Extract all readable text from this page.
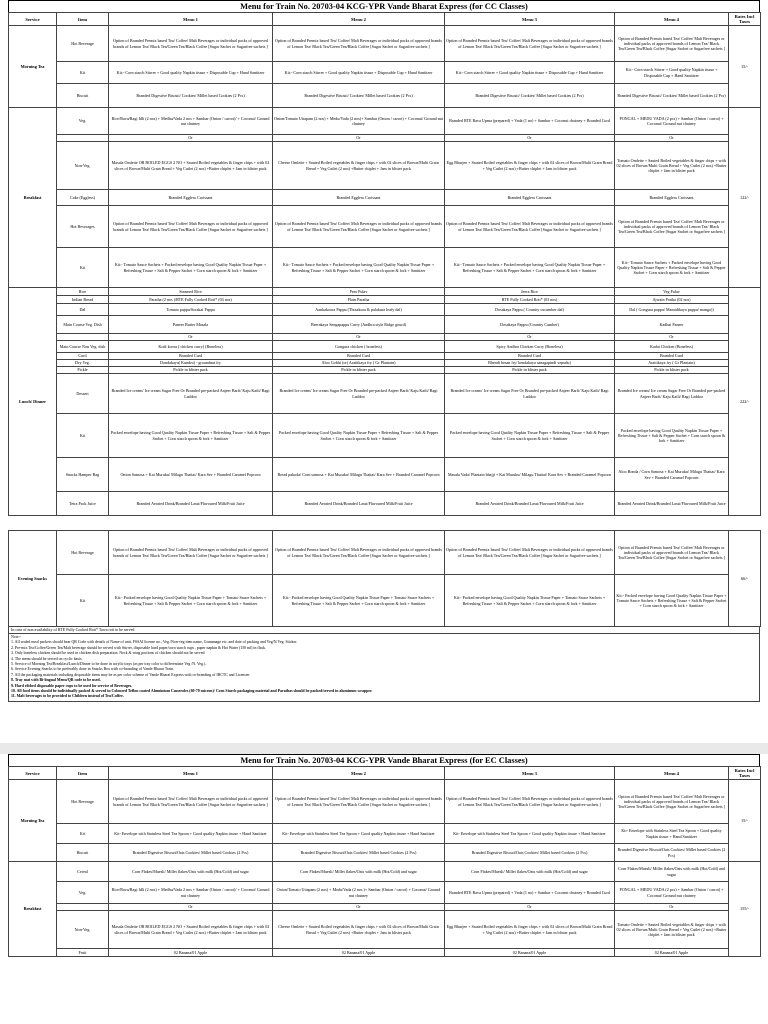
Menu for Train No. 20703-04 KCG-YPR Vande Bharat Express (for CC Classes)
Service	Item	Menu 1	Menu 2	Menu 3	Menu 4	Rates Incl Taxes
Morning Tea	Hot Beverage	Option of Branded Premix based Tea/ Coffee/ Malt Beverages or individual packs of approved brands of Lemon Tea/ Black Tea/Green Tea/Black Coffee [Sugar Sachet or Sugarfree sachets ]	Option of Branded Premix based Tea/ Coffee/ Malt Beverages or individual packs of approved brands of Lemon Tea/ Black Tea/Green Tea/Black Coffee [Sugar Sachet or Sugarfree sachets ]	Option of Branded Premix based Tea/ Coffee/ Malt Beverages or individual packs of approved brands of Lemon Tea/ Black Tea/Green Tea/Black Coffee [Sugar Sachet or Sugarfree sachets ]	Option of Branded Premix based Tea/ Coffee/ Malt Beverages or individual packs of approved brands of Lemon Tea/ Black Tea/Green Tea/Black Coffee [Sugar Sachet or Sugarfree sachets ]	15/-
	Kit	Kit:- Corn starch Stirrer + Good quality Napkin tissue + Disposable Cup + Hand Sanitizer	Kit:- Corn starch Stirrer + Good quality Napkin tissue + Disposable Cup + Hand Sanitizer	Kit:- Corn starch Stirrer + Good quality Napkin tissue + Disposable Cup + Hand Sanitizer	Kit:- Corn starch Stirrer + Good quality Napkin tissue + Disposable Cup + Hand Sanitizer	
	Biscuit	Branded Digestive Biscuit/ Cookies/ Millet based Cookies (2 Pcs)	Branded Digestive Biscuit/ Cookies/ Millet based Cookies (2 Pcs)	Branded Digestive Biscuit/ Cookies/ Millet based Cookies (2 Pcs)	Branded Digestive Biscuit/ Cookies/ Millet based Cookies (2 Pcs)	
Breakfast	Veg.	Rice/Rava/Ragi Idli (2 nos) + Medhu/Vada 2 nos + Sambar (Onion / carrot)/ + Coconut/ Ground nut chutney	Onion/Tomato Uttapam (2 nos) + Medu/Vada (2 nos)+ Sambar (Onion / carrot) + Coconut/ Ground nut chutney	Branded RTE Rava Upma (prepared) + Vada (1 no) + Sambar + Coconut chutney + Branded Curd	PONGAL + MEDU VADA (2 pcs) + Sambar (Onion / carrot) + Coconut/ Ground nut chutney	122/-
		Or	Or	Or	Or	
	Non-Veg.	Masala Omlette OR BOILED EGGS 2 NO + Sauted Boiled vegetables & finger chips + with 02 slices of Brown/Multi Grain Bread + Veg Cutlet (2 nos) +Butter chiplet + Jam in blister pack	Cheese Omlette + Sauted Boiled vegetables & finger chips + with 02 slices of Brown/Multi Grain Bread + Veg Cutlet (2 nos) +Butter chiplet + Jam in blister pack	Egg Bhurjee + Sauted Boiled vegetables & finger chips + with 02 slices of Brown/Multi Grain Bread + Veg Cutlet (2 nos) +Butter chiplet + Jam in blister pack	Tomato Omlette + Sauted Boiled vegetables & finger chips + with 02 slices of Brown/Multi Grain Bread + Veg Cutlet (2 nos) +Butter chiplet + Jam in blister pack	
	Cake (Eggless)	Branded Eggless Croissant	Branded Eggless Croissant	Branded Eggless Croissant	Branded Eggless Croissant	
	Hot Beverages	Option of Branded Premix based Tea/ Coffee/ Malt Beverages or individual packs of approved brands of Lemon Tea/ Black Tea/Green Tea/Black Coffee [Sugar Sachet or Sugarfree sachets ]	Option of Branded Premix based Tea/ Coffee/ Malt Beverages or individual packs of approved brands of Lemon Tea/ Black Tea/Green Tea/Black Coffee [Sugar Sachet or Sugarfree sachets ]	Option of Branded Premix based Tea/ Coffee/ Malt Beverages or individual packs of approved brands of Lemon Tea/ Black Tea/Green Tea/Black Coffee [Sugar Sachet or Sugarfree sachets ]	Option of Branded Premix based Tea/ Coffee/ Malt Beverages or individual packs of approved brands of Lemon Tea/ Black Tea/Green Tea/Black Coffee [Sugar Sachet or Sugarfree sachets ]	
	Kit	Kit:- Tomato Sauce Sachets + Packed envelope having Good Quality Napkin Tissue Paper + Refreshing Tissue + Salt & Pepper Sachet + Corn starch spoon & fork + Sanitizer	Kit:- Tomato Sauce Sachets + Packed envelope having Good Quality Napkin Tissue Paper + Refreshing Tissue + Salt & Pepper Sachet + Corn starch spoon & fork + Sanitizer	Kit:- Tomato Sauce Sachets + Packed envelope having Good Quality Napkin Tissue Paper + Refreshing Tissue + Salt & Pepper Sachet + Corn starch spoon & fork + Sanitizer	Kit:- Tomato Sauce Sachets + Packed envelope having Good Quality Napkin Tissue Paper + Refreshing Tissue + Salt & Pepper Sachet + Corn starch spoon & fork + Sanitizer	
Lunch/ Dinner	Rice	Steamed Rice	Peas Pulav	Jeera Rice	Veg Pulav	222/-
	Indian Bread	Paratha (2 nos )/RTE Fully Cooked Roti* (03 nos)	Plain Paratha	RTE Fully Cooked Roti* (03 nos)	Ajwain Pratha (02 nos)	
	Dal	Tomato pappu/Sorakai Pappu	Aankakoora Pappu (Thotakura & palakura leafy dal)	Dosakaya Pappu ( Country cucumber dal)	Dal ( Gongura pappu/ Mamidikaya pappu/ mango))	
	Main Course Veg. Dish	Paneer Butter Masala	Beerakaya Sengapappu Curry (Andhra style Ridge gourd)	Dosakaya Pappu (Country Cumber)	Kadhai Paneer	
		Or	Or	Or	Or	
	Main Course Non Veg. dish	Kodi koora ( chicken curry) (Boneless)	Gongura chicken ( boneless)	Spicy Andhra Chicken Curry (Boneless)	Kadai Chicken (Boneless)	
	Curd	Branded Curd	Branded Curd	Branded Curd	Branded Curd	
	Dry Veg.	Dondakaya( Kundru) - groundnut fry	Aloo Gobhi (or) Arattikaya fry ( Gr Plantain)	Bhendi besan fry/ bendakaya sanagapindi vepudu)	Arattikaya fry ( Gr Plantain)	
	Pickle	Pickle in blister pack	Pickle in blister pack	Pickle in blister pack	Pickle in blister pack	
	Dessert	Branded Ice cream/ Ice cream Sugar Free Or Branded pre-packed Anjeer Barfi/ Kaju Katli/ Ragi Laddoo	Branded Ice cream/ Ice cream Sugar Free Or Branded pre-packed Anjeer Barfi/ Kaju Katli/ Ragi Laddoo	Branded Ice cream/ Ice cream Sugar Free Or Branded pre-packed Anjeer Barfi/ Kaju Katli/ Ragi Laddoo	Branded Ice cream/ Ice cream Sugar Free Or Branded pre-packed Anjeer Barfi/ Kaju Katli/ Ragi Laddoo	
	Kit	Packed envelope having Good Quality Napkin Tissue Paper + Refreshing Tissue + Salt & Pepper Sachet + Corn starch spoon & fork + Sanitizer	Packed envelope having Good Quality Napkin Tissue Paper + Refreshing Tissue + Salt & Pepper Sachet + Corn starch spoon & fork + Sanitizer	Packed envelope having Good Quality Napkin Tissue Paper + Refreshing Tissue + Salt & Pepper Sachet + Corn starch spoon & fork + Sanitizer	Packed envelope having Good Quality Napkin Tissue Paper + Refreshing Tissue + Salt & Pepper Sachet + Corn starch spoon & fork + Sanitizer	
	Snacks Hamper Bag	Onion Samosa + Kai Muruku/ Milagu Thattai/ Kara Sev + Branded Caramel Popcorn	Bread pakoda/ Corn samosa + Kai Muruku/ Milagu Thattai/ Kara Sev + Branded Caramel Popcorn	Masala Vada/ Plantain bhajji + Kai Muruku/ Milagu Thattai/ Kara Sev + Branded Caramel Popcorn	Aloo Bonda / Corn Samosa + Kai Muruku/ Milagu Thattai/ Kara Sev + Branded Caramel Popcorn	
	Tetra Pack Juice	Branded Aerated Drink/Branded Lassi/Flavoured Milk/Fruit Juice	Branded Aerated Drink/Branded Lassi/Flavoured Milk/Fruit Juice	Branded Aerated Drink/Branded Lassi/Flavoured Milk/Fruit Juice	Branded Aerated Drink/Branded Lassi/Flavoured Milk/Fruit Juice	
Evening Snacks	Hot Beverage	Option of Branded Premix based Tea/ Coffee/ Malt Beverages or individual packs of approved brands of Lemon Tea/ Black Tea/Green Tea/Black Coffee [Sugar Sachet or Sugarfree sachets ]	Option of Branded Premix based Tea/ Coffee/ Malt Beverages or individual packs of approved brands of Lemon Tea/ Black Tea/Green Tea/Black Coffee [Sugar Sachet or Sugarfree sachets ]	Option of Branded Premix based Tea/ Coffee/ Malt Beverages or individual packs of approved brands of Lemon Tea/ Black Tea/Green Tea/Black Coffee [Sugar Sachet or Sugarfree sachets ]	Option of Branded Premix based Tea/ Coffee/ Malt Beverages or individual packs of approved brands of Lemon Tea/ Black Tea/Green Tea/Black Coffee [Sugar Sachet or Sugarfree sachets ]	66/-
	Kit	Kit:- Packed envelope having Good Quality Napkin Tissue Paper + Tomato Sauce Sachets + Refreshing Tissue + Salt & Pepper Sachet + Corn starch spoon & fork + Sanitizer	Kit:- Packed envelope having Good Quality Napkin Tissue Paper + Tomato Sauce Sachets + Refreshing Tissue + Salt & Pepper Sachet + Corn starch spoon & fork + Sanitizer	Kit:- Packed envelope having Good Quality Napkin Tissue Paper + Tomato Sauce Sachets + Refreshing Tissue + Salt & Pepper Sachet + Corn starch spoon & fork + Sanitizer	Kit:- Packed envelope having Good Quality Napkin Tissue Paper + Tomato Sauce Sachets + Refreshing Tissue + Salt & Pepper Sachet + Corn starch spoon & fork + Sanitizer	
In case of non availability of RTE Fully Cooked Roti* Tawa roti to be served
Note:-
1. All sealed meal packets should bear QR Code with details of Name of unit, FSSAI license no., Veg./Non-veg item name, Grammage etc. and date of packing and Veg/N.Veg. Sticker.
2. Pre-mix Tea/Coffee/Green Tea/Malt beverage should be served with Stirrer, disposable hard paper/corn starch cups , paper napkin & Hot Water (150 ml) in flask.
3. Only boneless chicken should be used in chicken dish preparation. Neck & wing portions of chicken should not be served.
4. The menu should be served on cyclic basis.
5. Service of Morning Tea/Breakfast/Lunch/Dinner to be done in acrylic trays (as per tray color to differentiate Veg /N. Veg.).
6. Service Evening Snacks to be preferably done in Snacks Box with co-branding of Vande Bharat Train.
7. All the packaging materials including disposable items may be as per color scheme of Vande Bharat Express with co-branding of IRCTC and Licensee.
8. Tray mat with Bi-lingual Menu/QR code to be used.
9. Hard ribbed disposable paper cups to be used for service of Beverages.
10. All food items should be individually packed & served in Coloured Teflon coated Aluminium Casseroles (60-70 micron)/ Corn Starch packaging material and Parathas should be packed/served in aluminum wrapper.
11. Malt beverages to be provided to Children instead of Tea/Coffee.
Menu for Train No. 20703-04 KCG-YPR Vande Bharat Express (for EC Classes)
Service	Item	Menu 1	Menu 2	Menu 3	Menu 4	Rates Incl Taxes
Morning Tea	Hot Beverage	Option of Branded Premix based Tea/ Coffee/ Malt Beverages or individual packs of approved brands of Lemon Tea/ Black Tea/Green Tea/Black Coffee [Sugar Sachet or Sugarfree sachets ]	Option of Branded Premix based Tea/ Coffee/ Malt Beverages or individual packs of approved brands of Lemon Tea/ Black Tea/Green Tea/Black Coffee [Sugar Sachet or Sugarfree sachets ]	Option of Branded Premix based Tea/ Coffee/ Malt Beverages or individual packs of approved brands of Lemon Tea/ Black Tea/Green Tea/Black Coffee [Sugar Sachet or Sugarfree sachets ]	Option of Branded Premix based Tea/ Coffee/ Malt Beverages or individual packs of approved brands of Lemon Tea/ Black Tea/Green Tea/Black Coffee [Sugar Sachet or Sugarfree sachets ]	15/-
	Kit	Kit- Envelope with Stainless Steel Tea Spoon + Good quality Napkin tissue + Hand Sanitizer	Kit- Envelope with Stainless Steel Tea Spoon + Good quality Napkin tissue + Hand Sanitizer	Kit- Envelope with Stainless Steel Tea Spoon + Good quality Napkin tissue + Hand Sanitizer	Kit- Envelope with Stainless Steel Tea Spoon + Good quality Napkin tissue + Hand Sanitizer	
	Biscuit	Branded Digestive Biscuit/Oats Cookies/ Millet based Cookies (2 Pcs)	Branded Digestive Biscuit/Oats Cookies/ Millet based Cookies (2 Pcs)	Branded Digestive Biscuit/Oats Cookies/ Millet based Cookies (2 Pcs)	Branded Digestive Biscuit/Oats Cookies/ Millet based Cookies (2 Pcs)	
Breakfast	Cereal	Corn Flakes/Muesli/ Millet flakes/Oats with milk (Hot/Cold) and sugar	Corn Flakes/Muesli/ Millet flakes/Oats with milk (Hot/Cold) and sugar	Corn Flakes/Muesli/ Millet flakes/Oats with milk (Hot/Cold) and sugar	Corn Flakes/Muesli/ Millet flakes/Oats with milk (Hot/Cold) and sugar	155/-
	Veg.	Rice/Rava/Ragi Idli (2 nos) + Medhu/Vada 2 nos + Sambar (Onion / carrot)/ + Coconut/ Ground nut chutney	Onion/Tomato Uttapam (2 nos) + Medu/Vada (2 nos )+ Sambar (Onion / carrot) + Coconut/ Ground nut chutney	Branded RTE Rava Upma (prepared) + Vada (1 no) + Sambar + Coconut chutney + Branded Curd	PONGAL + MEDU VADA (2 pcs) + Sambar (Onion / carrot) + Coconut/ Ground nut chutney	
		Or	Or	Or	Or	
	Non-Veg.	Masala Omlette OR BOILED EGGS 2 NO + Sauted Boiled vegetables & finger chips + with 02 slices of Brown/Multi Grain Bread + Veg Cutlet (2 nos) +Butter chiplet + Jam in blister pack	Cheese Omlette + Sauted Boiled vegetables & finger chips + with 02 slices of Brown/Multi Grain Bread + Veg Cutlet (2 nos) +Butter chiplet + Jam in blister pack	Egg Bhurjee + Sauted Boiled vegetables & finger chips + with 02 slices of Brown/Multi Grain Bread + Veg Cutlet (2 nos) +Butter chiplet + Jam in blister pack	Tomato Omlette + Sauted Boiled vegetables & finger chips + with 02 slices of Brown/Multi Grain Bread + Veg Cutlet (2 nos) +Butter chiplet + Jam in blister pack	
	Fruit	02 Banana/01 Apple	02 Banana/01 Apple	02 Banana/01 Apple	02 Banana/01 Apple	
